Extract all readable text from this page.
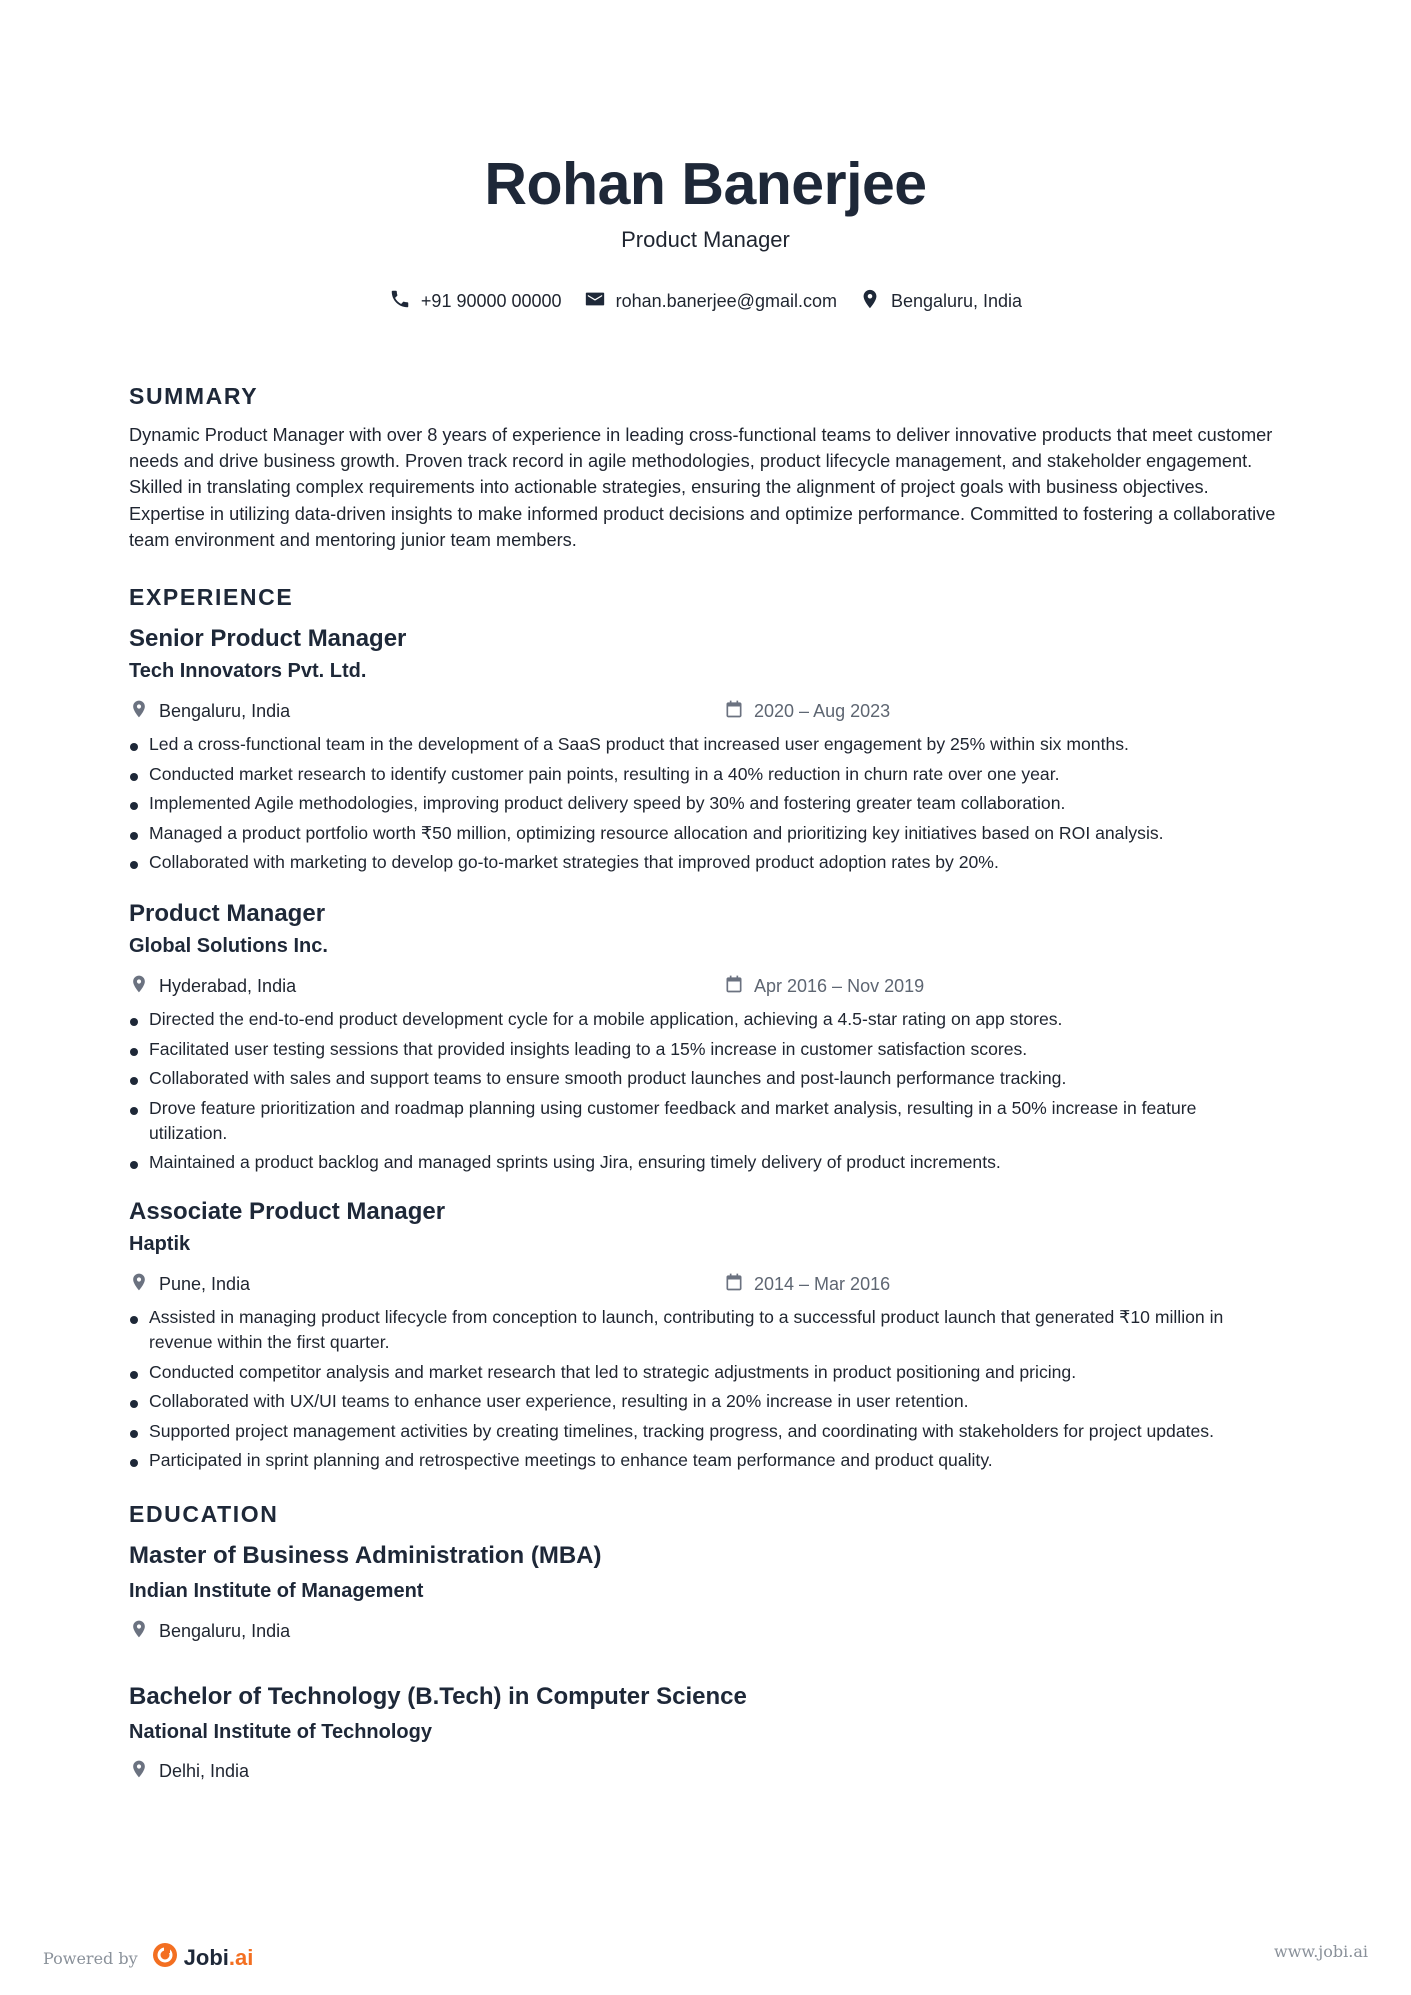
Rohan Banerjee
Product Manager
+91 90000 00000	rohan.banerjee@gmail.com	Bengaluru, India
SUMMARY
Dynamic Product Manager with over 8 years of experience in leading cross-functional teams to deliver innovative products that meet customer needs and drive business growth. Proven track record in agile methodologies, product lifecycle management, and stakeholder engagement. Skilled in translating complex requirements into actionable strategies, ensuring the alignment of project goals with business objectives. Expertise in utilizing data-driven insights to make informed product decisions and optimize performance. Committed to fostering a collaborative team environment and mentoring junior team members.
EXPERIENCE
Senior Product Manager
Tech Innovators Pvt. Ltd.
Bengaluru, India	2020 – Aug 2023
Led a cross-functional team in the development of a SaaS product that increased user engagement by 25% within six months.
Conducted market research to identify customer pain points, resulting in a 40% reduction in churn rate over one year.
Implemented Agile methodologies, improving product delivery speed by 30% and fostering greater team collaboration.
Managed a product portfolio worth ₹50 million, optimizing resource allocation and prioritizing key initiatives based on ROI analysis.
Collaborated with marketing to develop go-to-market strategies that improved product adoption rates by 20%.
Product Manager
Global Solutions Inc.
Hyderabad, India	Apr 2016 – Nov 2019
Directed the end-to-end product development cycle for a mobile application, achieving a 4.5-star rating on app stores.
Facilitated user testing sessions that provided insights leading to a 15% increase in customer satisfaction scores.
Collaborated with sales and support teams to ensure smooth product launches and post-launch performance tracking.
Drove feature prioritization and roadmap planning using customer feedback and market analysis, resulting in a 50% increase in feature utilization.
Maintained a product backlog and managed sprints using Jira, ensuring timely delivery of product increments.
Associate Product Manager
Haptik
Pune, India	2014 – Mar 2016
Assisted in managing product lifecycle from conception to launch, contributing to a successful product launch that generated ₹10 million in revenue within the first quarter.
Conducted competitor analysis and market research that led to strategic adjustments in product positioning and pricing.
Collaborated with UX/UI teams to enhance user experience, resulting in a 20% increase in user retention.
Supported project management activities by creating timelines, tracking progress, and coordinating with stakeholders for project updates.
Participated in sprint planning and retrospective meetings to enhance team performance and product quality.
EDUCATION
Master of Business Administration (MBA)
Indian Institute of Management
Bengaluru, India
Bachelor of Technology (B.Tech) in Computer Science
National Institute of Technology
Delhi, India
Powered by Jobi.ai	www.jobi.ai
